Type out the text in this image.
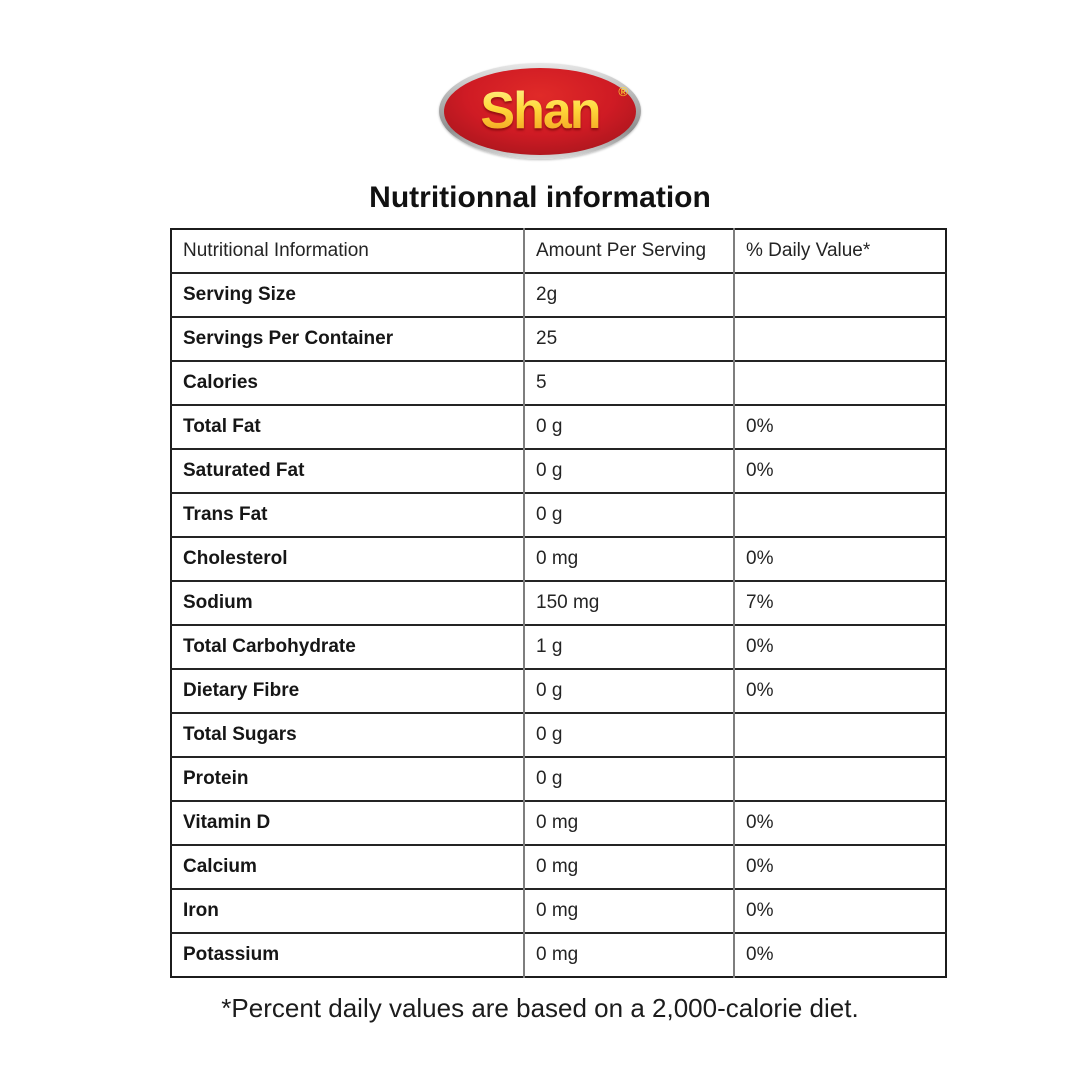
Shan ®
Nutritionnal information
Nutritional Information	Amount Per Serving	% Daily Value*
Serving Size	2g	
Servings Per Container	25	
Calories	5	
Total Fat	0 g	0%
Saturated Fat	0 g	0%
Trans Fat	0 g	
Cholesterol	0 mg	0%
Sodium	150 mg	7%
Total Carbohydrate	1 g	0%
Dietary Fibre	0 g	0%
Total Sugars	0 g	
Protein	0 g	
Vitamin D	0 mg	0%
Calcium	0 mg	0%
Iron	0 mg	0%
Potassium	0 mg	0%
*Percent daily values are based on a 2,000-calorie diet.
